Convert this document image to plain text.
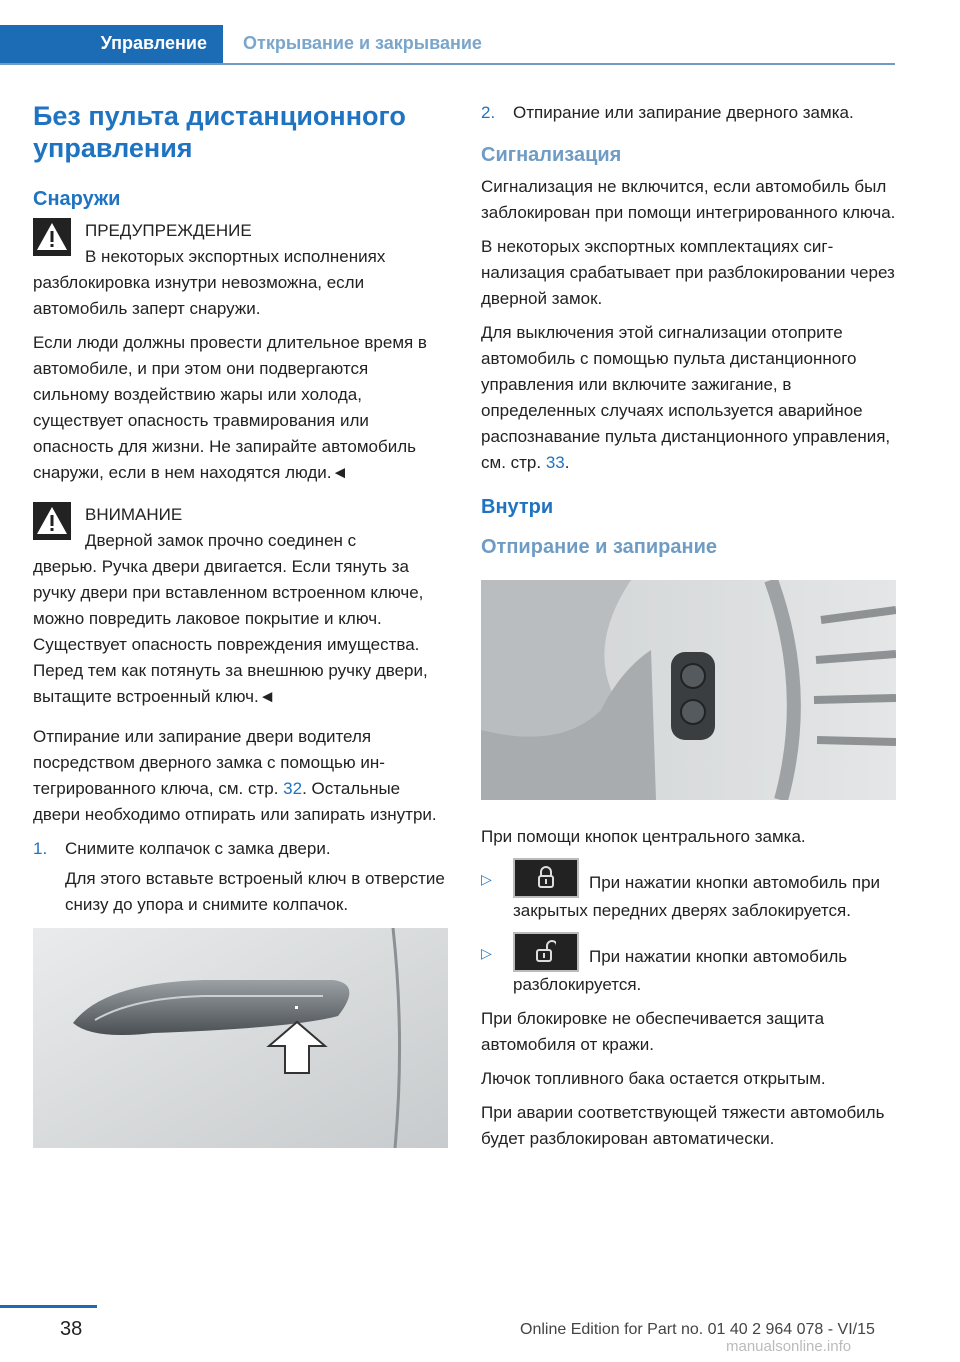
Управление Открывание и закрывание
Без пульта дистанционного управления
Снаружи
ПРЕДУПРЕЖДЕНИЕ
В некоторых экспортных исполнениях
разблокировка изнутри невозможна, если автомобиль заперт снаружи.

Если люди должны провести длительное время в автомобиле, и при этом они подвергаются сильному воздействию жары или холода, существует опасность травмирования или опасность для жизни. Не запирайте автомобиль снаружи, если в нем находятся люди.◄

ВНИМАНИЕ
Дверной замок прочно соединен с
дверью. Ручка двери двигается. Если тянуть за ручку двери при вставленном встроенном ключе, можно повредить лаковое покрытие и ключ. Существует опасность повреждения имущества. Перед тем как потянуть за внешнюю ручку двери, вытащите встроенный ключ.◄

Отпирание или запирание двери водителя посредством дверного замка с помощью интегрированного ключа, см. стр. 32. Остальные двери необходимо отпирать или запирать изнутри.

1.	Снимите колпачок с замка двери.
Для этого вставьте встроеный ключ в отверстие снизу до упора и снимите колпачок.
2.	Отпирание или запирание дверного замка.
Сигнализация

Сигнализация не включится, если автомобиль был заблокирован при помощи интегрированного ключа.

В некоторых экспортных комплектациях сигнализация срабатывает при разблокировании через дверной замок.

Для выключения этой сигнализации отоприте автомобиль с помощью пульта дистанционного управления или включите зажигание, в определенных случаях используется аварийное распознавание пульта дистанционного управления, см. стр. 33.

Внутри
Отпирание и запирание

При помощи кнопок центрального замка.

▷	При нажатии кнопки автомобиль при закрытых передних дверях заблокируется.
▷	При нажатии кнопки автомобиль разблокируется.

При блокировке не обеспечивается защита автомобиля от кражи.

Лючок топливного бака остается открытым.

При аварии соответствующей тяжести автомобиль будет разблокирован автоматически.

38	Online Edition for Part no. 01 40 2 964 078 - VI/15
manualsonline.info
